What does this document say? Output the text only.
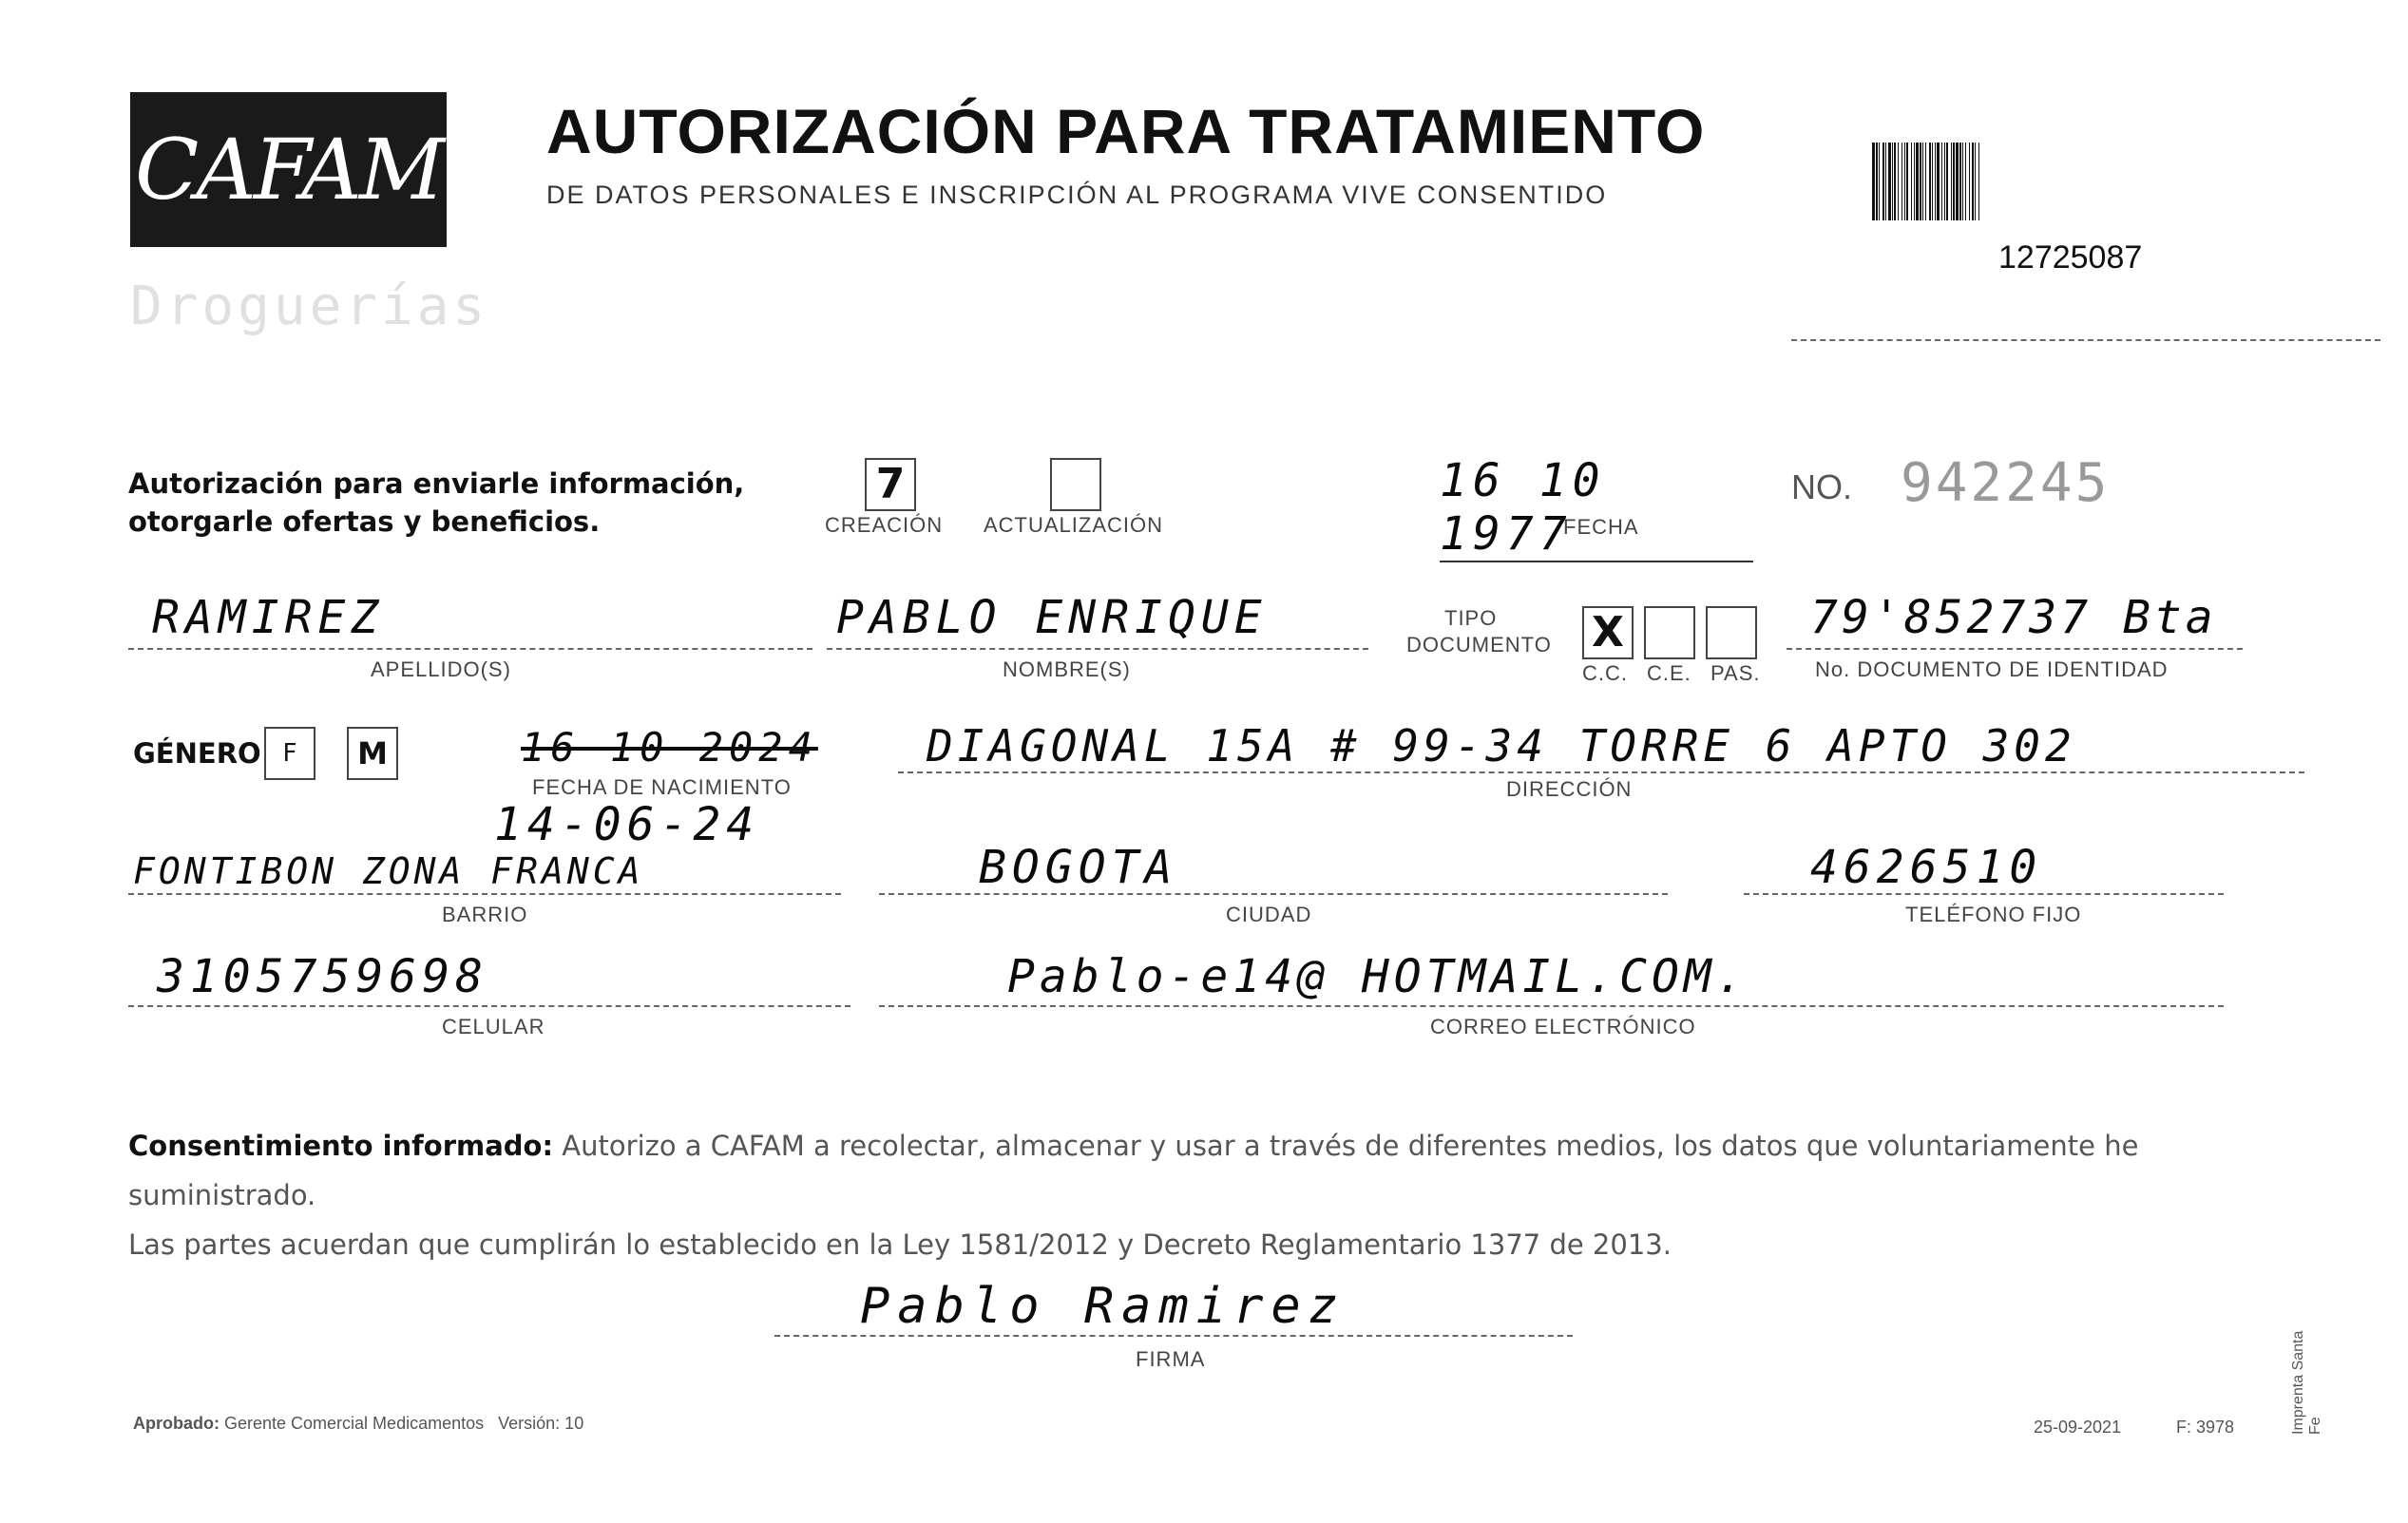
CAFAM
Droguerías
AUTORIZACIÓN PARA TRATAMIENTO
DE DATOS PERSONALES E INSCRIPCIÓN AL PROGRAMA VIVE CONSENTIDO
12725087
Autorización para enviarle información,
otorgarle ofertas y beneficios.
7
CREACIÓN ACTUALIZACIÓN
16 10 1977
FECHA
NO. 942245
RAMIREZ
APELLIDO(S)
PABLO ENRIQUE
NOMBRE(S)
TIPO
DOCUMENTO X
C.C. C.E. PAS.
79'852737 Bta
No. DOCUMENTO DE IDENTIDAD
GÉNERO F	M	16 10 2024
FECHA DE NACIMIENTO
14-06-24
DIAGONAL 15A # 99-34 TORRE 6 APTO 302
DIRECCIÓN
FONTIBON ZONA FRANCA
BARRIO
BOGOTA
CIUDAD
4626510
TELÉFONO FIJO
3105759698
CELULAR
Pablo-e14@ HOTMAIL.COM.
CORREO ELECTRÓNICO
Consentimiento informado: Autorizo a CAFAM a recolectar, almacenar y usar a través de diferentes medios, los datos que voluntariamente he suministrado.
Las partes acuerdan que cumplirán lo establecido en la Ley 1581/2012 y Decreto Reglamentario 1377 de 2013.
Pablo Ramirez
FIRMA
Aprobado: Gerente Comercial Medicamentos Versión: 10	25-09-2021	F: 3978	Imprenta Santa Fe
